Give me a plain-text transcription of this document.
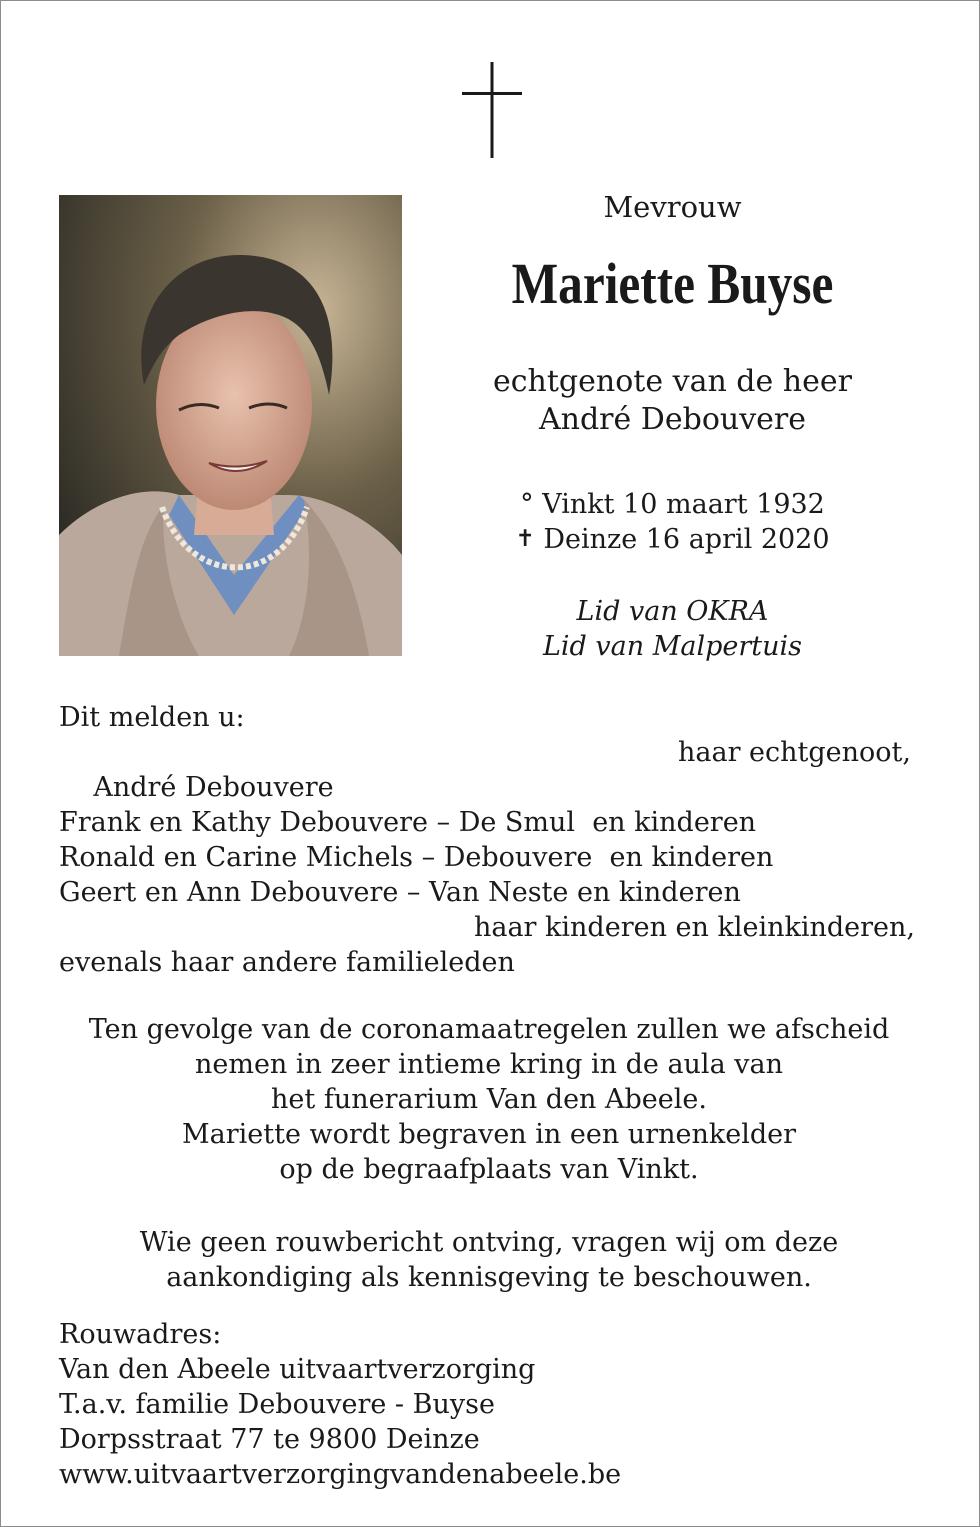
Mevrouw
Mariette Buyse
echtgenote van de heer
André Debouvere
° Vinkt 10 maart 1932
✝ Deinze 16 april 2020
Lid van OKRA
Lid van Malpertuis
Dit melden u:

André Debouvere

haar echtgenoot,

Frank en Kathy Debouvere – De Smul  en kinderen
Ronald en Carine Michels – Debouvere  en kinderen
Geert en Ann Debouvere – Van Neste en kinderen
haar kinderen en kleinkinderen,
evenals haar andere familieleden
Ten gevolge van de coronamaatregelen zullen we afscheid
nemen in zeer intieme kring in de aula van
het funerarium Van den Abeele.
Mariette wordt begraven in een urnenkelder
op de begraafplaats van Vinkt.
Wie geen rouwbericht ontving, vragen wij om deze
aankondiging als kennisgeving te beschouwen.
Rouwadres:
Van den Abeele uitvaartverzorging
T.a.v. familie Debouvere - Buyse
Dorpsstraat 77 te 9800 Deinze
www.uitvaartverzorgingvandenabeele.be
